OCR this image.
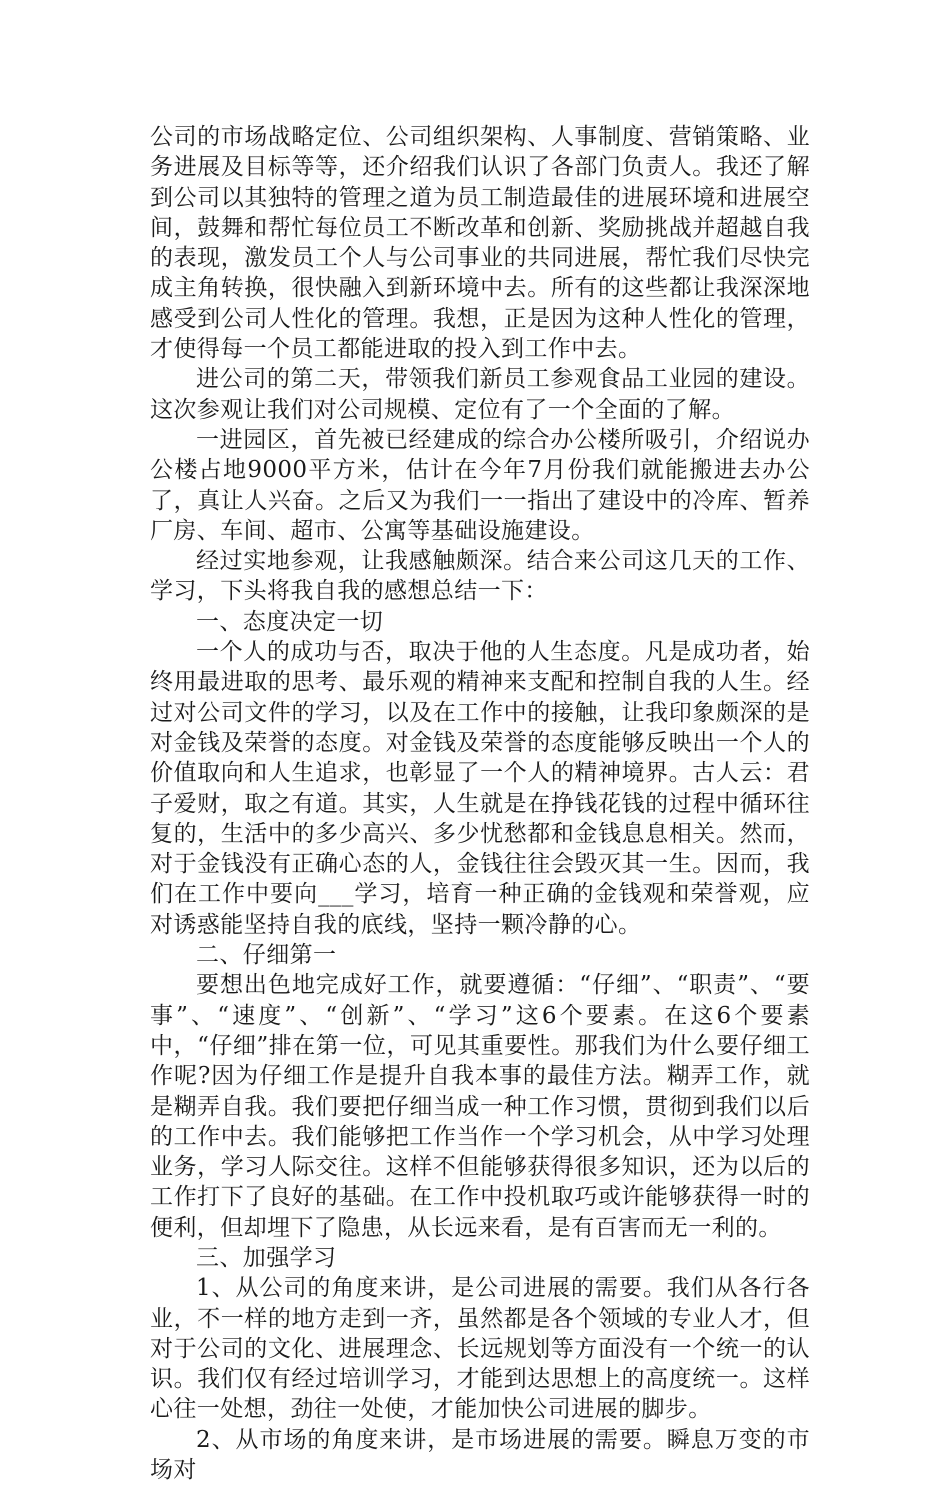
公司的市场战略定位、公司组织架构、人事制度、营销策略、业务进展及目标等等，还介绍我们认识了各部门负责人。我还了解到公司以其独特的管理之道为员工制造最佳的进展环境和进展空间，鼓舞和帮忙每位员工不断改革和创新、奖励挑战并超越自我的表现，激发员工个人与公司事业的共同进展，帮忙我们尽快完成主角转换，很快融入到新环境中去。所有的这些都让我深深地感受到公司人性化的管理。我想，正是因为这种人性化的管理，才使得每一个员工都能进取的投入到工作中去。

进公司的第二天，带领我们新员工参观食品工业园的建设。这次参观让我们对公司规模、定位有了一个全面的了解。

一进园区，首先被已经建成的综合办公楼所吸引，介绍说办公楼占地9000平方米，估计在今年7月份我们就能搬进去办公了，真让人兴奋。之后又为我们一一指出了建设中的冷库、暂养厂房、车间、超市、公寓等基础设施建设。

经过实地参观，让我感触颇深。结合来公司这几天的工作、学习，下头将我自我的感想总结一下：

一、态度决定一切

一个人的成功与否，取决于他的人生态度。凡是成功者，始终用最进取的思考、最乐观的精神来支配和控制自我的人生。经过对公司文件的学习，以及在工作中的接触，让我印象颇深的是对金钱及荣誉的态度。对金钱及荣誉的态度能够反映出一个人的价值取向和人生追求，也彰显了一个人的精神境界。古人云：君子爱财，取之有道。其实，人生就是在挣钱花钱的过程中循环往复的，生活中的多少高兴、多少忧愁都和金钱息息相关。然而，对于金钱没有正确心态的人，金钱往往会毁灭其一生。因而，我们在工作中要向___学习，培育一种正确的金钱观和荣誉观，应对诱惑能坚持自我的底线，坚持一颗冷静的心。

二、仔细第一

要想出色地完成好工作，就要遵循：“仔细”、“职责”、“要事”、“速度”、“创新”、“学习”这6个要素。在这6个要素中，“仔细”排在第一位，可见其重要性。那我们为什么要仔细工作呢?因为仔细工作是提升自我本事的最佳方法。糊弄工作，就是糊弄自我。我们要把仔细当成一种工作习惯，贯彻到我们以后的工作中去。我们能够把工作当作一个学习机会，从中学习处理业务，学习人际交往。这样不但能够获得很多知识，还为以后的工作打下了良好的基础。在工作中投机取巧或许能够获得一时的便利，但却埋下了隐患，从长远来看，是有百害而无一利的。

三、加强学习

1、从公司的角度来讲，是公司进展的需要。我们从各行各业，不一样的地方走到一齐，虽然都是各个领域的专业人才，但对于公司的文化、进展理念、长远规划等方面没有一个统一的认识。我们仅有经过培训学习，才能到达思想上的高度统一。这样心往一处想，劲往一处使，才能加快公司进展的脚步。

2、从市场的角度来讲，是市场进展的需要。瞬息万变的市场对
